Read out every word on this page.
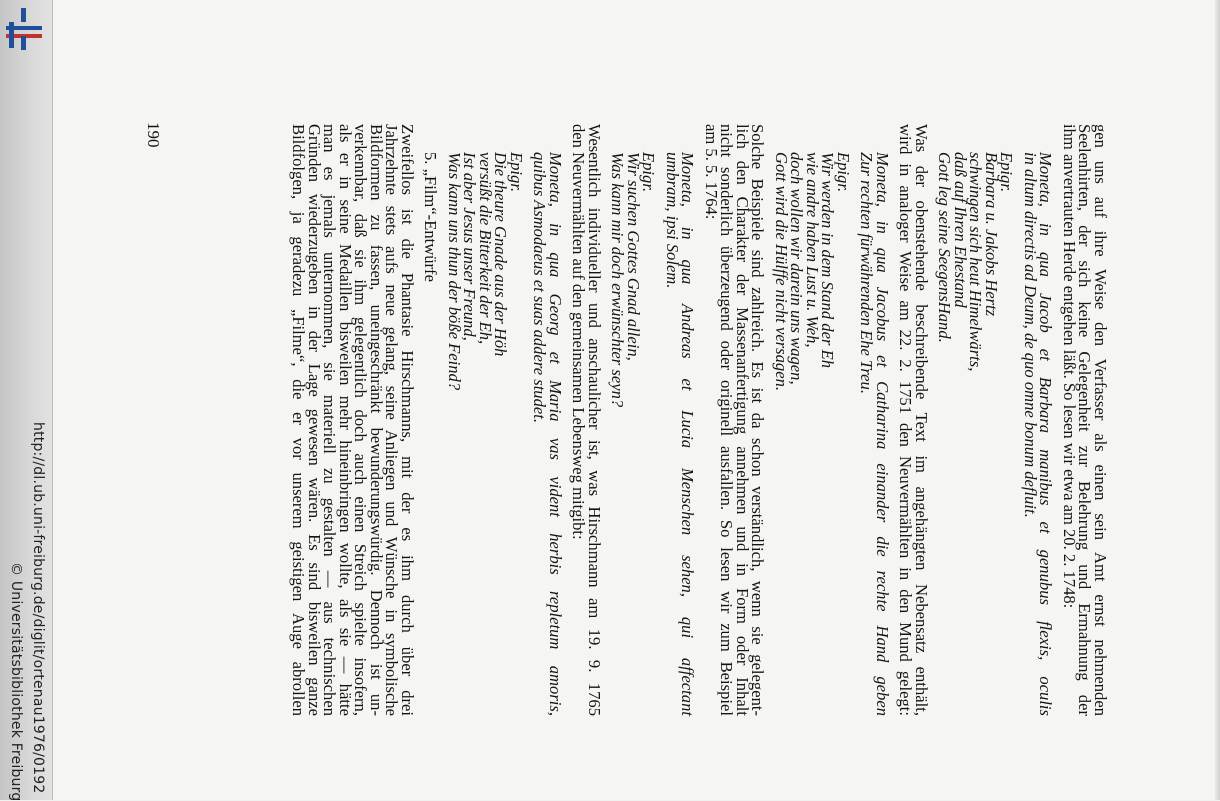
http://dl.ub.uni-freiburg.de/diglit/ortenau1976/0192
© Universitätsbibliothek Freiburg	gen uns auf ihre Weise den Verfasser als einen sein Amt ernst nehmenden

Seelenhirten, der sich keine Gelegenheit zur Belehrung und Ermahnung der

ihm anvertrauten Herde entgehen läßt. So lesen wir etwa am 20. 2. 1748:

Moneta, in qua Jacob et Barbara manibus et genubus flexis, oculis

in altum directis ad Deum, de quo omne bonum defluit.

Epigr.

Barbara u. Jakobs Hertz

schwingen sich heut Himelwärts,

daß auf Ihren Ehestand

Gott leg seine SeegensHand.

Was der obenstehende beschreibende Text im angehängten Nebensatz enthält,

wird in analoger Weise am 22. 2. 1751 den Neuvermählten in den Mund gelegt:

Moneta, in qua Jacobus et Catharina einander die rechte Hand geben

Zur rechten fürwährenden Ehe Treu.

Epigr.

Wir werden in dem Stand der Eh

wie andre haben Lust u. Weh,

doch wollen wir darein uns wagen,

Gott wird die Hülffe nicht versagen.

Solche Beispiele sind zahlreich. Es ist da schon verständlich, wenn sie gelegent-

lich den Charakter der Massenanfertigung annehmen und in Form oder Inhalt

nicht sonderlich überzeugend oder originell ausfallen. So lesen wir zum Beispiel

am 5. 5. 1764:

Moneta, in qua Andreas et Lucia Menschen sehen, qui affectant

umbram, ipsi Solem.

Epigr.

Wir suchen Gottes Gnad allein,

Was kann mir doch erwünschter seyn?

Wesentlich individueller und anschaulicher ist, was Hirschmann am 19. 9. 1765

den Neuvermählten auf den gemeinsamen Lebensweg mitgibt:

Moneta, in qua Georg et Maria vas vident herbis repletum amoris,

quibus Asmodaeus et suas addere studet.

Epigr.

Die theure Gnade aus der Höh

versüßt die Bitterkeit der Eh,

Ist aber Jesus unser Freund,

Was kann uns thun der böße Feind?

5. „Film“-Entwürfe

Zweifellos ist die Phantasie Hirschmanns, mit der es ihm durch über drei

Jahrzehnte stets aufs neue gelang, seine Anliegen und Wünsche in symbolische

Bildformen zu fassen, uneingeschränkt bewunderungswürdig. Dennoch ist un-

verkennbar, daß sie ihm gelegentlich doch auch einen Streich spielte insofern,

als er in seine Medaillen bisweilen mehr hineinbringen wollte, als sie — hätte

man es jemals unternommen, sie materiell zu gestalten — aus technischen

Gründen wiederzugeben in der Lage gewesen wären. Es sind bisweilen ganze

Bildfolgen, ja geradezu „Filme“, die er vor unserem geistigen Auge abrollen

190
